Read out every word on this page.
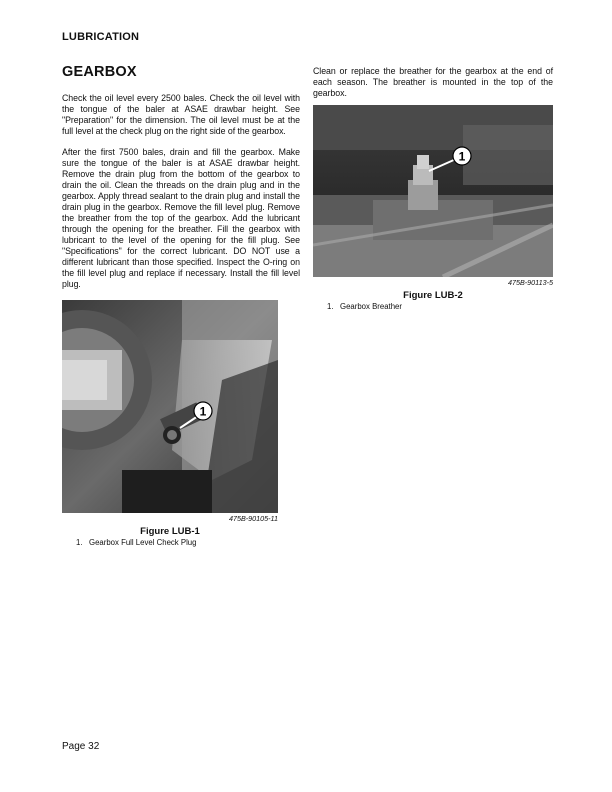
LUBRICATION
GEARBOX

Check the oil level every 2500 bales. Check the oil level with the tongue of the baler at ASAE drawbar height. See "Preparation" for the dimension. The oil level must be at the full level at the check plug on the right side of the gearbox.

After the first 7500 bales, drain and fill the gearbox. Make sure the tongue of the baler is at ASAE drawbar height. Remove the drain plug from the bottom of the gearbox to drain the oil. Clean the threads on the drain plug and in the gearbox. Apply thread sealant to the drain plug and install the drain plug in the gearbox. Remove the fill level plug. Remove the breather from the top of the gearbox. Add the lubricant through the opening for the breather. Fill the gearbox with lubricant to the level of the opening for the fill plug. See "Specifications" for the correct lubricant. DO NOT use a different lubricant than those specified. Inspect the O-ring on the fill level plug and replace if necessary. Install the fill level plug.

1
475B-90105-11
Figure LUB-1
1. Gearbox Full Level Check Plug

Clean or replace the breather for the gearbox at the end of each season. The breather is mounted in the top of the gearbox.

1
475B-90113-5
Figure LUB-2
1. Gearbox Breather
Page 32
